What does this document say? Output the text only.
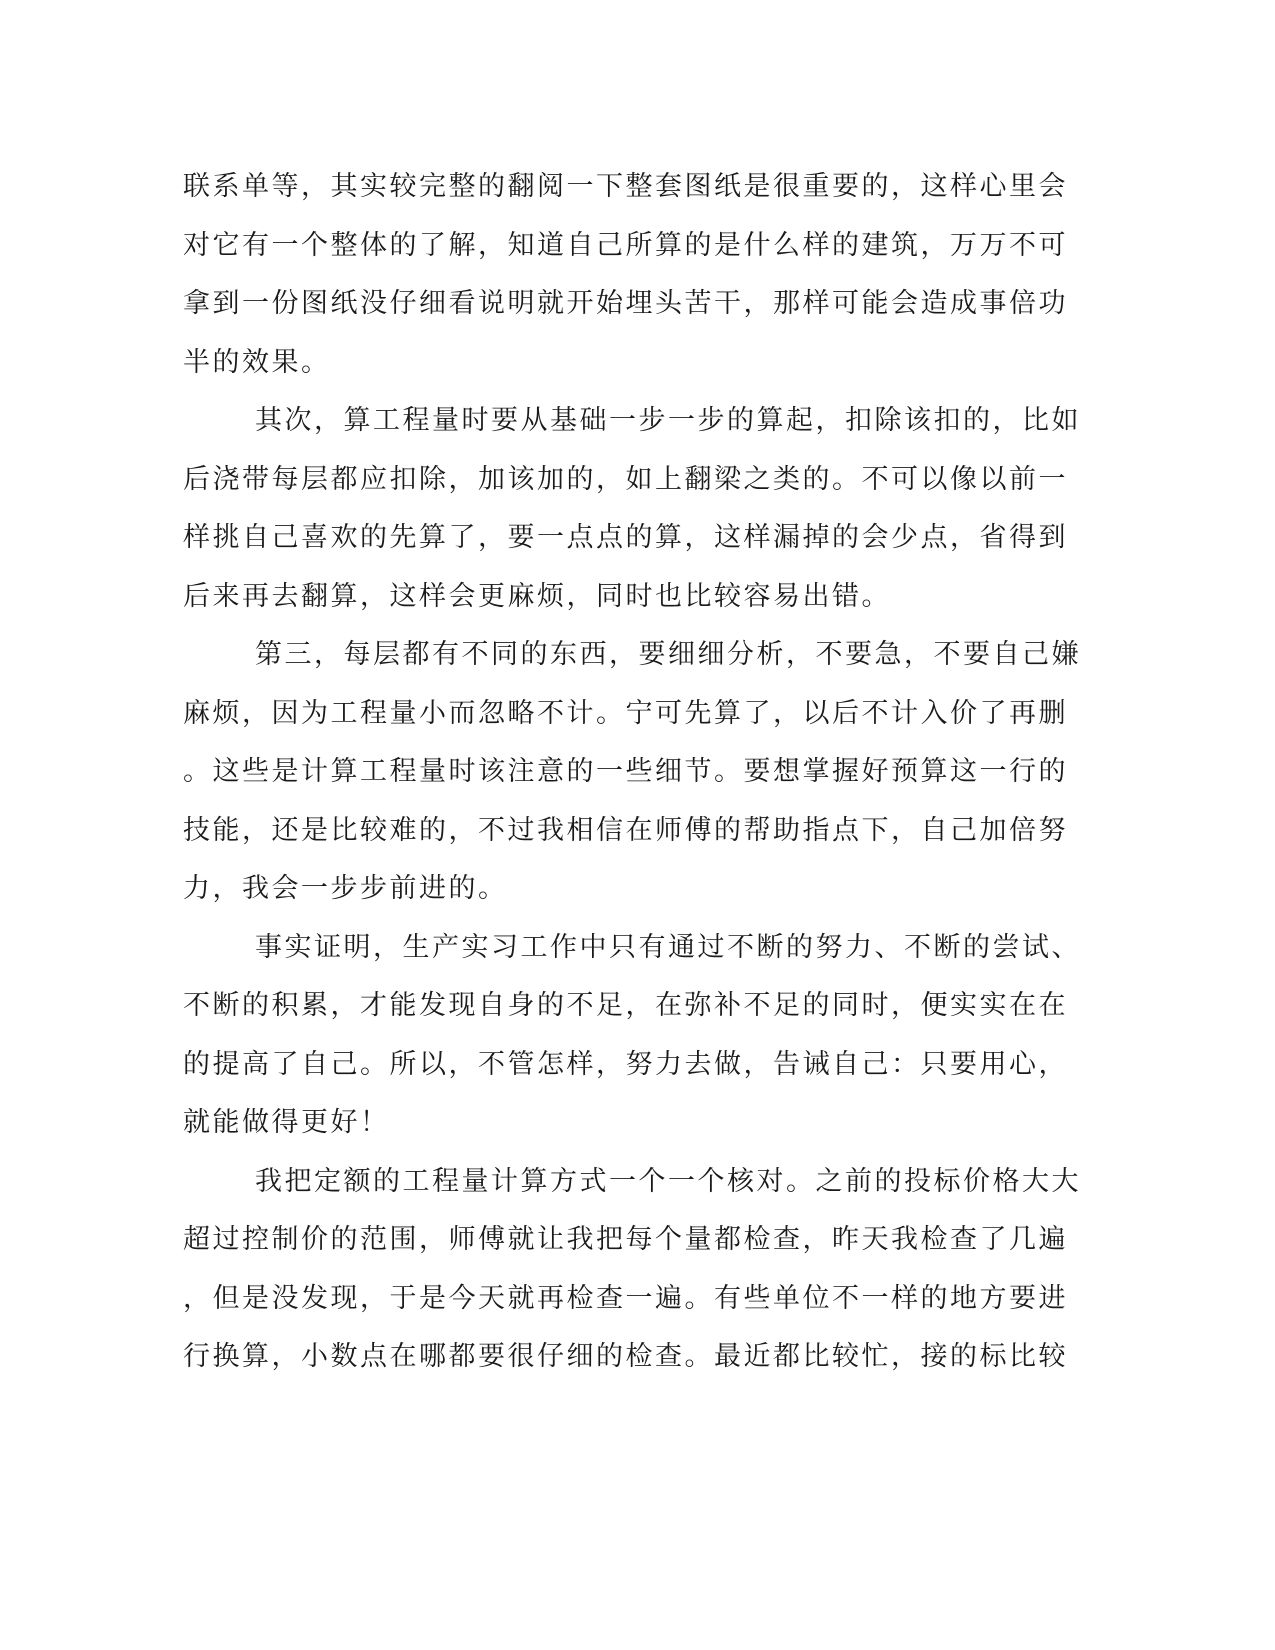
联系单等，其实较完整的翻阅一下整套图纸是很重要的，这样心里会
对它有一个整体的了解，知道自己所算的是什么样的建筑，万万不可
拿到一份图纸没仔细看说明就开始埋头苦干，那样可能会造成事倍功
半的效果。
其次，算工程量时要从基础一步一步的算起，扣除该扣的，比如
后浇带每层都应扣除，加该加的，如上翻梁之类的。不可以像以前一
样挑自己喜欢的先算了，要一点点的算，这样漏掉的会少点，省得到
后来再去翻算，这样会更麻烦，同时也比较容易出错。
第三，每层都有不同的东西，要细细分析，不要急，不要自己嫌
麻烦，因为工程量小而忽略不计。宁可先算了，以后不计入价了再删
。这些是计算工程量时该注意的一些细节。要想掌握好预算这一行的
技能，还是比较难的，不过我相信在师傅的帮助指点下，自己加倍努
力，我会一步步前进的。
事实证明，生产实习工作中只有通过不断的努力、不断的尝试、
不断的积累，才能发现自身的不足，在弥补不足的同时，便实实在在
的提高了自己。所以，不管怎样，努力去做，告诫自己：只要用心，
就能做得更好！
我把定额的工程量计算方式一个一个核对。之前的投标价格大大
超过控制价的范围，师傅就让我把每个量都检查，昨天我检查了几遍
，但是没发现，于是今天就再检查一遍。有些单位不一样的地方要进
行换算，小数点在哪都要很仔细的检查。最近都比较忙，接的标比较
